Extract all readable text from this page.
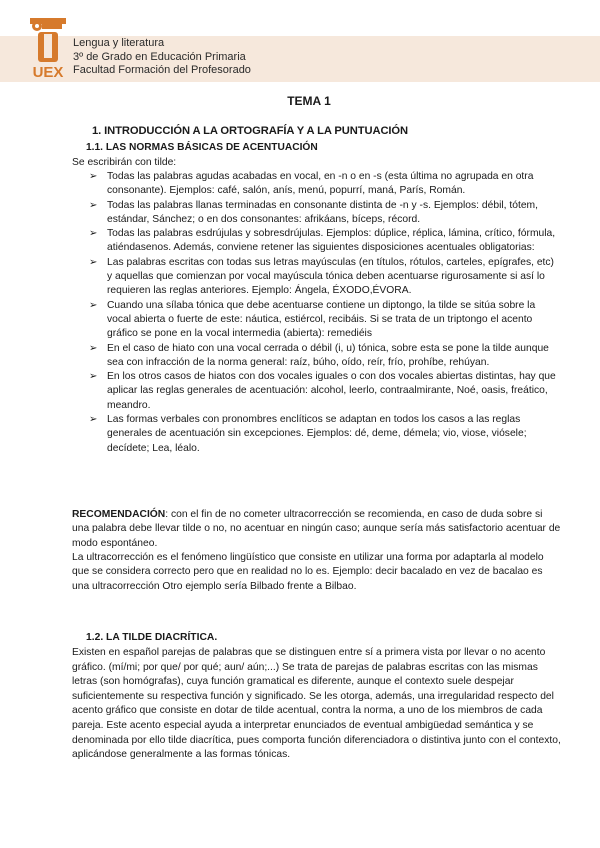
UEX
Lengua y literatura
3º de Grado en Educación Primaria
Facultad Formación del Profesorado
TEMA 1
1. INTRODUCCIÓN A LA ORTOGRAFÍA Y A LA PUNTUACIÓN
1.1. LAS NORMAS BÁSICAS DE ACENTUACIÓN
Se escribirán con tilde:
➢ Todas las palabras agudas acabadas en vocal, en -n o en -s (esta última no agrupada en otra consonante). Ejemplos: café, salón, anís, menú, popurrí, maná, París, Román.
➢ Todas las palabras llanas terminadas en consonante distinta de -n y -s. Ejemplos: débil, tótem, estándar, Sánchez; o en dos consonantes: afrikáans, bíceps, récord.
➢ Todas las palabras esdrújulas y sobresdrújulas. Ejemplos: dúplice, réplica, lámina, crítico, fórmula, atiéndasenos. Además, conviene retener las siguientes disposiciones acentuales obligatorias:
➢ Las palabras escritas con todas sus letras mayúsculas (en títulos, rótulos, carteles, epígrafes, etc) y aquellas que comienzan por vocal mayúscula tónica deben acentuarse rigurosamente si así lo requieren las reglas anteriores. Ejemplo: Ángela, ÉXODO,ÉVORA.
➢ Cuando una sílaba tónica que debe acentuarse contiene un diptongo, la tilde se sitúa sobre la vocal abierta o fuerte de este: náutica, estiércol, recibáis. Si se trata de un triptongo el acento gráfico se pone en la vocal intermedia (abierta): remediéis
➢ En el caso de hiato con una vocal cerrada o débil (i, u) tónica, sobre esta se pone la tilde aunque sea con infracción de la norma general: raíz, búho, oído, reír, frío, prohíbe, rehúyan.
➢ En los otros casos de hiatos con dos vocales iguales o con dos vocales abiertas distintas, hay que aplicar las reglas generales de acentuación: alcohol, leerlo, contraalmirante, Noé, oasis, freático, meandro.
➢ Las formas verbales con pronombres enclíticos se adaptan en todos los casos a las reglas generales de acentuación sin excepciones. Ejemplos: dé, deme, démela; vio, viose, viósele; decídete; Lea, léalo.
RECOMENDACIÓN: con el fin de no cometer ultracorrección se recomienda, en caso de duda sobre si una palabra debe llevar tilde o no, no acentuar en ningún caso; aunque sería más satisfactorio acentuar de modo espontáneo.
La ultracorrección es el fenómeno lingüístico que consiste en utilizar una forma por adaptarla al modelo que se considera correcto pero que en realidad no lo es. Ejemplo: decir bacalado en vez de bacalao es una ultracorrección Otro ejemplo sería Bilbado frente a Bilbao.
1.2. LA TILDE DIACRÍTICA.
Existen en español parejas de palabras que se distinguen entre sí a primera vista por llevar o no acento gráfico. (mí/mi; por que/ por qué; aun/ aún;...) Se trata de parejas de palabras escritas con las mismas letras (son homógrafas), cuya función gramatical es diferente, aunque el contexto suele despejar suficientemente su respectiva función y significado. Se les otorga, además, una irregularidad respecto del acento gráfico que consiste en dotar de tilde acentual, contra la norma, a uno de los miembros de cada pareja. Este acento especial ayuda a interpretar enunciados de eventual ambigüedad semántica y se denominada por ello tilde diacrítica, pues comporta función diferenciadora o distintiva junto con el contexto, aplicándose generalmente a las formas tónicas.
